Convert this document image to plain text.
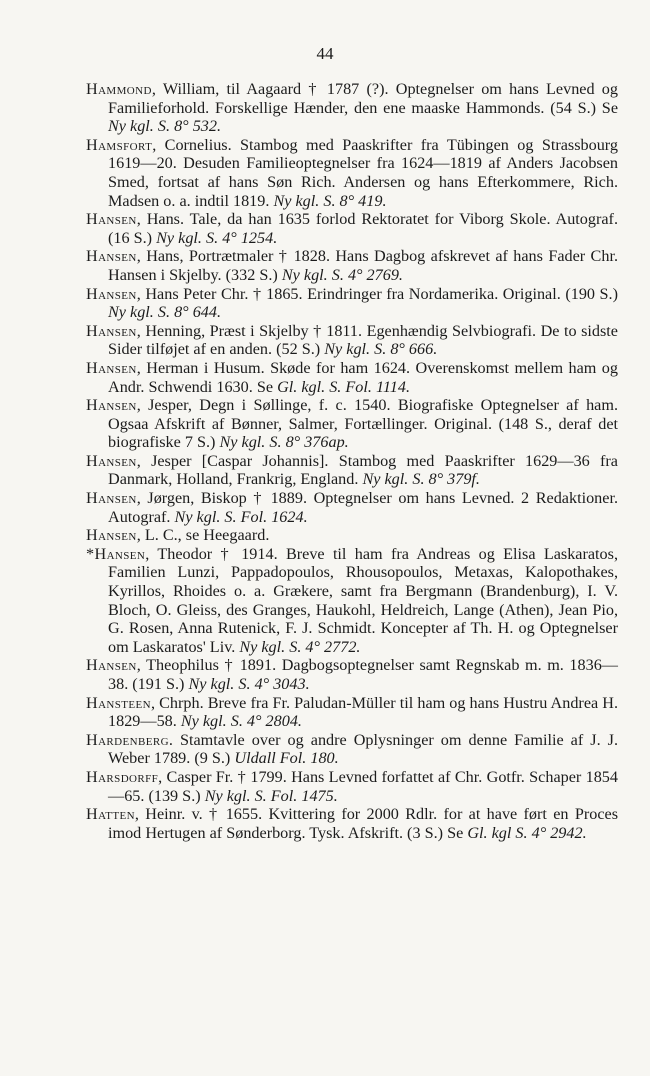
44

Hammond, William, til Aagaard † 1787 (?). Optegnelser om hans Levned og Familieforhold. Forskellige Hænder, den ene maaske Hammonds. (54 S.) Se Ny kgl. S. 8° 532.

Hamsfort, Cornelius. Stambog med Paaskrifter fra Tübingen og Strassbourg 1619—20. Desuden Familieoptegnelser fra 1624—1819 af Anders Jacobsen Smed, fortsat af hans Søn Rich. Andersen og hans Efterkommere, Rich. Madsen o. a. indtil 1819. Ny kgl. S. 8° 419.

Hansen, Hans. Tale, da han 1635 forlod Rektoratet for Viborg Skole. Autograf. (16 S.) Ny kgl. S. 4° 1254.

Hansen, Hans, Portrætmaler † 1828. Hans Dagbog afskrevet af hans Fader Chr. Hansen i Skjelby. (332 S.) Ny kgl. S. 4° 2769.

Hansen, Hans Peter Chr. † 1865. Erindringer fra Nordamerika. Original. (190 S.) Ny kgl. S. 8° 644.

Hansen, Henning, Præst i Skjelby † 1811. Egenhændig Selvbiografi. De to sidste Sider tilføjet af en anden. (52 S.) Ny kgl. S. 8° 666.

Hansen, Herman i Husum. Skøde for ham 1624. Overenskomst mellem ham og Andr. Schwendi 1630. Se Gl. kgl. S. Fol. 1114.

Hansen, Jesper, Degn i Søllinge, f. c. 1540. Biografiske Optegnelser af ham. Ogsaa Afskrift af Bønner, Salmer, Fortællinger. Original. (148 S., deraf det biografiske 7 S.) Ny kgl. S. 8° 376ap.

Hansen, Jesper [Caspar Johannis]. Stambog med Paaskrifter 1629—36 fra Danmark, Holland, Frankrig, England. Ny kgl. S. 8° 379f.

Hansen, Jørgen, Biskop † 1889. Optegnelser om hans Levned. 2 Redaktioner. Autograf. Ny kgl. S. Fol. 1624.

Hansen, L. C., se Heegaard.

*Hansen, Theodor † 1914. Breve til ham fra Andreas og Elisa Laskaratos, Familien Lunzi, Pappadopoulos, Rhousopoulos, Metaxas, Kalopothakes, Kyrillos, Rhoides o. a. Grækere, samt fra Bergmann (Brandenburg), I. V. Bloch, O. Gleiss, des Granges, Haukohl, Heldreich, Lange (Athen), Jean Pio, G. Rosen, Anna Rutenick, F. J. Schmidt. Koncepter af Th. H. og Optegnelser om Laskaratos' Liv. Ny kgl. S. 4° 2772.

Hansen, Theophilus † 1891. Dagbogsoptegnelser samt Regnskab m. m. 1836—38. (191 S.) Ny kgl. S. 4° 3043.

Hansteen, Chrph. Breve fra Fr. Paludan-Müller til ham og hans Hustru Andrea H. 1829—58. Ny kgl. S. 4° 2804.

Hardenberg. Stamtavle over og andre Oplysninger om denne Familie af J. J. Weber 1789. (9 S.) Uldall Fol. 180.

Harsdorff, Casper Fr. † 1799. Hans Levned forfattet af Chr. Gotfr. Schaper 1854—65. (139 S.) Ny kgl. S. Fol. 1475.

Hatten, Heinr. v. † 1655. Kvittering for 2000 Rdlr. for at have ført en Proces imod Hertugen af Sønderborg. Tysk. Afskrift. (3 S.) Se Gl. kgl S. 4° 2942.
